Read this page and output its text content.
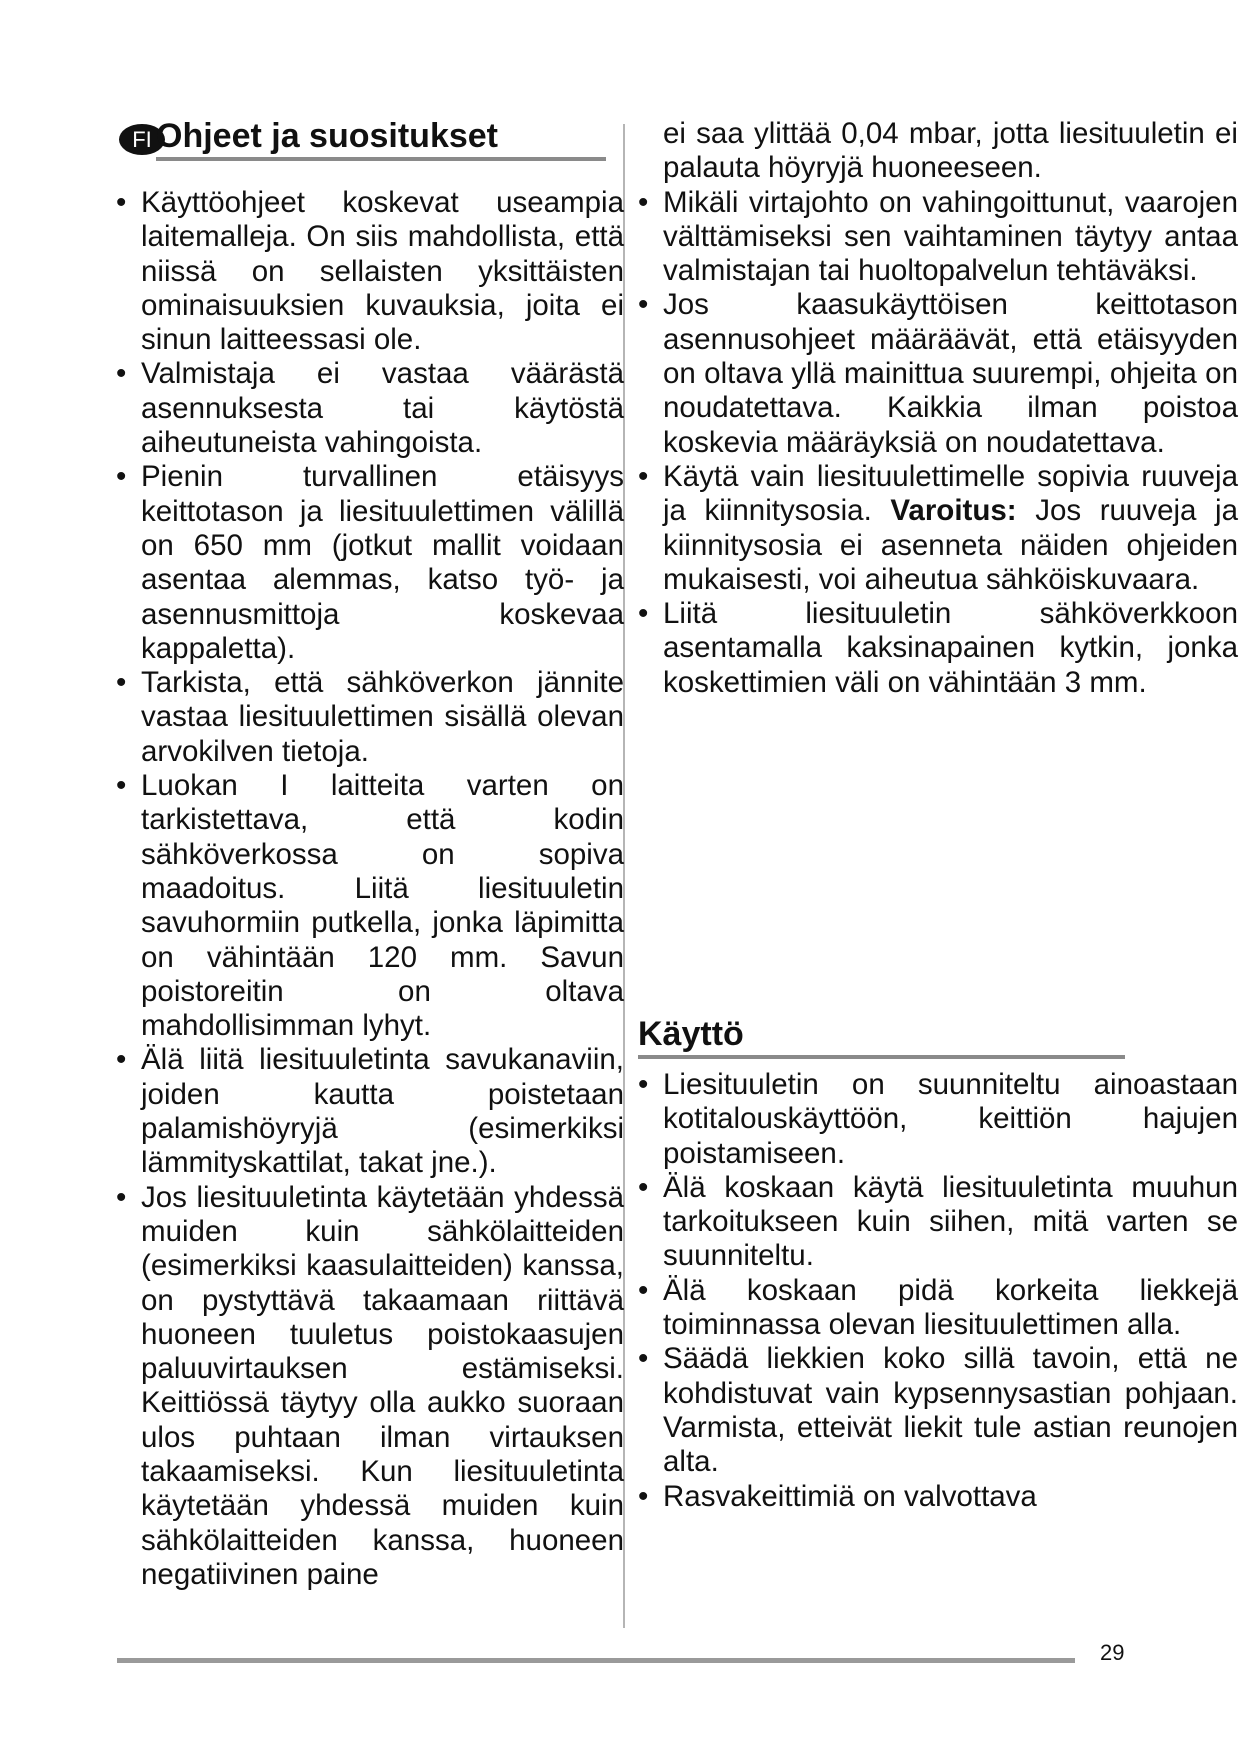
FI Ohjeet ja suositukset
• Käyttöohjeet koskevat useampia laitemalleja. On siis mahdollista, että niissä on sellaisten yksittäisten ominaisuuksien kuvauksia, joita ei sinun laitteessasi ole.
• Valmistaja ei vastaa väärästä asennuksesta tai käytöstä aiheutuneista vahingoista.
• Pienin turvallinen etäisyys keittotason ja liesituulettimen välillä on 650 mm (jotkut mallit voidaan asentaa alemmas, katso työ- ja asennusmittoja koskevaa kappaletta).
• Tarkista, että sähköverkon jännite vastaa liesituulettimen sisällä olevan arvokilven tietoja.
• Luokan I laitteita varten on tarkistettava, että kodin sähköverkossa on sopiva maadoitus. Liitä liesituuletin savuhormiin putkella, jonka läpimitta on vähintään 120 mm. Savun poistoreitin on oltava mahdollisimman lyhyt.
• Älä liitä liesituuletinta savukanaviin, joiden kautta poistetaan palamishöyryjä (esimerkiksi lämmityskattilat, takat jne.).
• Jos liesituuletinta käytetään yhdessä muiden kuin sähkölaitteiden (esimerkiksi kaasulaitteiden) kanssa, on pystyttävä takaamaan riittävä huoneen tuuletus poistokaasujen paluuvirtauksen estämiseksi. Keittiössä täytyy olla aukko suoraan ulos puhtaan ilman virtauksen takaamiseksi. Kun liesituuletinta käytetään yhdessä muiden kuin sähkölaitteiden kanssa, huoneen negatiivinen paine

ei saa ylittää 0,04 mbar, jotta liesituuletin ei palauta höyryjä huoneeseen.

• Mikäli virtajohto on vahingoittunut, vaarojen välttämiseksi sen vaihtaminen täytyy antaa valmistajan tai huoltopalvelun tehtäväksi.
• Jos kaasukäyttöisen keittotason asennusohjeet määräävät, että etäisyyden on oltava yllä mainittua suurempi, ohjeita on noudatettava. Kaikkia ilman poistoa koskevia määräyksiä on noudatettava.
• Käytä vain liesituulettimelle sopivia ruuveja ja kiinnitysosia. Varoitus: Jos ruuveja ja kiinnitysosia ei asenneta näiden ohjeiden mukaisesti, voi aiheutua sähköiskuvaara.
• Liitä liesituuletin sähköverkkoon asentamalla kaksinapainen kytkin, jonka koskettimien väli on vähintään 3 mm.
Käyttö
• Liesituuletin on suunniteltu ainoastaan kotitalouskäyttöön, keittiön hajujen poistamiseen.
• Älä koskaan käytä liesituuletinta muuhun tarkoitukseen kuin siihen, mitä varten se suunniteltu.
• Älä koskaan pidä korkeita liekkejä toiminnassa olevan liesituulettimen alla.
• Säädä liekkien koko sillä tavoin, että ne kohdistuvat vain kypsennysastian pohjaan. Varmista, etteivät liekit tule astian reunojen alta.
• Rasvakeittimiä on valvottava
29
